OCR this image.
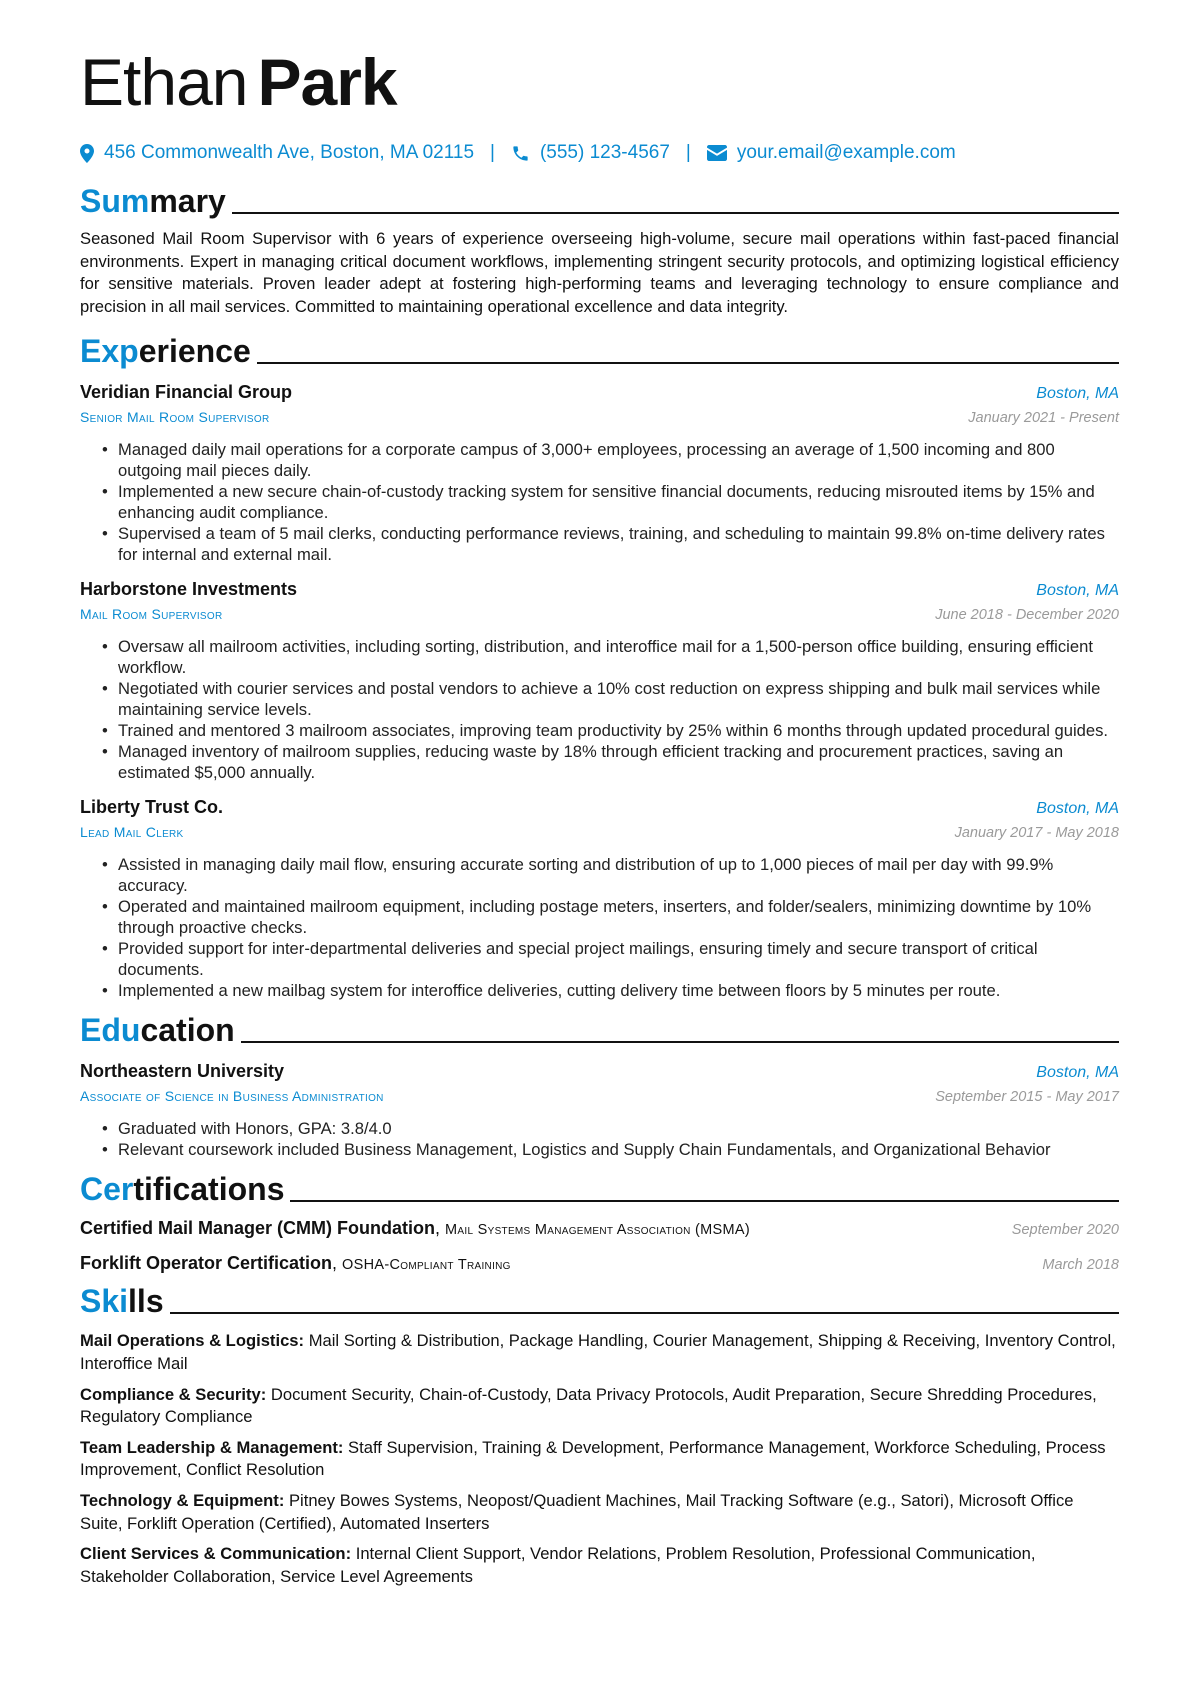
Ethan Park
456 Commonwealth Ave, Boston, MA 02115 | (555) 123-4567 | your.email@example.com
Summary

Seasoned Mail Room Supervisor with 6 years of experience overseeing high-volume, secure mail operations within fast-paced financial environments. Expert in managing critical document workflows, implementing stringent security protocols, and optimizing logistical efficiency for sensitive materials. Proven leader adept at fostering high-performing teams and leveraging technology to ensure compliance and precision in all mail services. Committed to maintaining operational excellence and data integrity.

Experience
Veridian Financial Group	Boston, MA
Senior Mail Room Supervisor	January 2021 - Present
• Managed daily mail operations for a corporate campus of 3,000+ employees, processing an average of 1,500 incoming and 800 outgoing mail pieces daily.
• Implemented a new secure chain-of-custody tracking system for sensitive financial documents, reducing misrouted items by 15% and enhancing audit compliance.
• Supervised a team of 5 mail clerks, conducting performance reviews, training, and scheduling to maintain 99.8% on-time delivery rates for internal and external mail.
Harborstone Investments	Boston, MA
Mail Room Supervisor	June 2018 - December 2020
• Oversaw all mailroom activities, including sorting, distribution, and interoffice mail for a 1,500-person office building, ensuring efficient workflow.
• Negotiated with courier services and postal vendors to achieve a 10% cost reduction on express shipping and bulk mail services while maintaining service levels.
• Trained and mentored 3 mailroom associates, improving team productivity by 25% within 6 months through updated procedural guides.
• Managed inventory of mailroom supplies, reducing waste by 18% through efficient tracking and procurement practices, saving an estimated $5,000 annually.
Liberty Trust Co.	Boston, MA
Lead Mail Clerk	January 2017 - May 2018
• Assisted in managing daily mail flow, ensuring accurate sorting and distribution of up to 1,000 pieces of mail per day with 99.9% accuracy.
• Operated and maintained mailroom equipment, including postage meters, inserters, and folder/sealers, minimizing downtime by 10% through proactive checks.
• Provided support for inter-departmental deliveries and special project mailings, ensuring timely and secure transport of critical documents.
• Implemented a new mailbag system for interoffice deliveries, cutting delivery time between floors by 5 minutes per route.
Education
Northeastern University	Boston, MA
Associate of Science in Business Administration	September 2015 - May 2017
• Graduated with Honors, GPA: 3.8/4.0
• Relevant coursework included Business Management, Logistics and Supply Chain Fundamentals, and Organizational Behavior
Certifications
Certified Mail Manager (CMM) Foundation, Mail Systems Management Association (MSMA)	September 2020
Forklift Operator Certification, OSHA-Compliant Training	March 2018
Skills

Mail Operations & Logistics: Mail Sorting & Distribution, Package Handling, Courier Management, Shipping & Receiving, Inventory Control, Interoffice Mail

Compliance & Security: Document Security, Chain-of-Custody, Data Privacy Protocols, Audit Preparation, Secure Shredding Procedures, Regulatory Compliance

Team Leadership & Management: Staff Supervision, Training & Development, Performance Management, Workforce Scheduling, Process Improvement, Conflict Resolution

Technology & Equipment: Pitney Bowes Systems, Neopost/Quadient Machines, Mail Tracking Software (e.g., Satori), Microsoft Office Suite, Forklift Operation (Certified), Automated Inserters

Client Services & Communication: Internal Client Support, Vendor Relations, Problem Resolution, Professional Communication, Stakeholder Collaboration, Service Level Agreements
